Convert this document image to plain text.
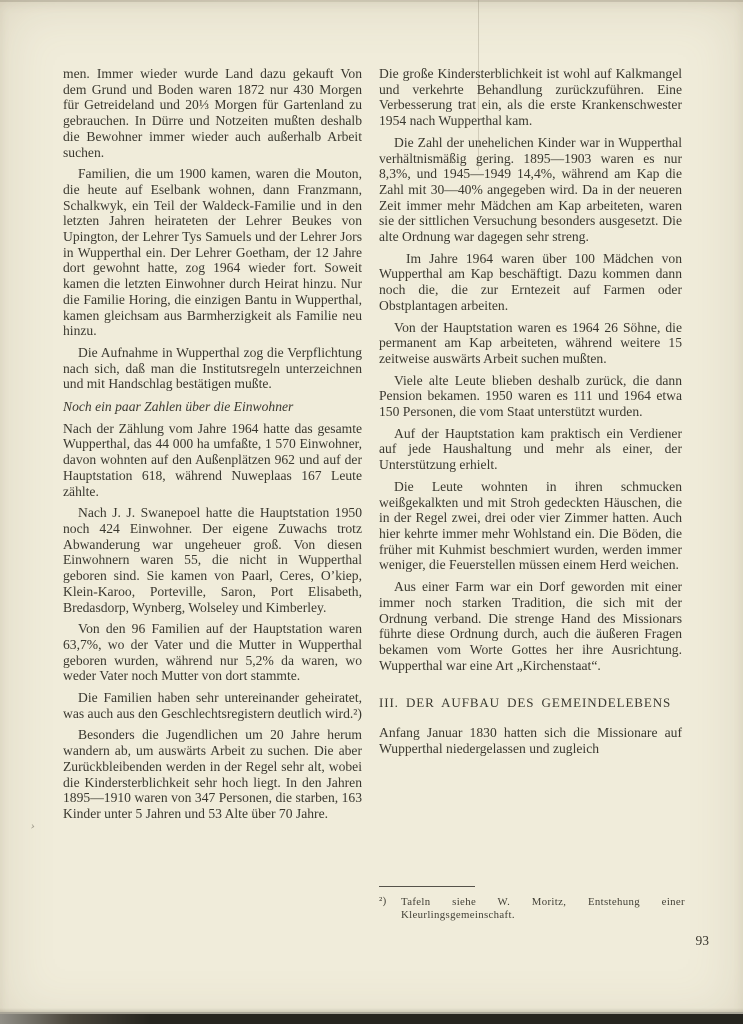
men. Immer wieder wurde Land dazu gekauft Von dem Grund und Boden waren 1872 nur 430 Morgen für Getreideland und 20⅓ Morgen für Gartenland zu gebrauchen. In Dürre und Notzeiten mußten deshalb die Bewohner immer wieder auch außerhalb Arbeit suchen.

Familien, die um 1900 kamen, waren die Mouton, die heute auf Eselbank wohnen, dann Franzmann, Schalkwyk, ein Teil der Waldeck-Familie und in den letzten Jahren heirateten der Lehrer Beukes von Upington, der Lehrer Tys Samuels und der Lehrer Jors in Wupperthal ein. Der Lehrer Goetham, der 12 Jahre dort gewohnt hatte, zog 1964 wieder fort. Soweit kamen die letzten Einwohner durch Heirat hinzu. Nur die Familie Horing, die einzigen Bantu in Wupperthal, kamen gleichsam aus Barmherzigkeit als Familie neu hinzu.

Die Aufnahme in Wupperthal zog die Verpflichtung nach sich, daß man die Institutsregeln unterzeichnen und mit Handschlag bestätigen mußte.

Noch ein paar Zahlen über die Einwohner

Nach der Zählung vom Jahre 1964 hatte das gesamte Wupperthal, das 44 000 ha umfaßte, 1 570 Einwohner, davon wohnten auf den Außenplätzen 962 und auf der Hauptstation 618, während Nuweplaas 167 Leute zählte.

Nach J. J. Swanepoel hatte die Hauptstation 1950 noch 424 Einwohner. Der eigene Zuwachs trotz Abwanderung war ungeheuer groß. Von diesen Einwohnern waren 55, die nicht in Wupperthal geboren sind. Sie kamen von Paarl, Ceres, O’kiep, Klein-Karoo, Porteville, Saron, Port Elisabeth, Bredasdorp, Wynberg, Wolseley und Kimberley.

Von den 96 Familien auf der Hauptstation waren 63,7%, wo der Vater und die Mutter in Wupperthal geboren wurden, während nur 5,2% da waren, wo weder Vater noch Mutter von dort stammte.

Die Familien haben sehr untereinander geheiratet, was auch aus den Geschlechtsregistern deutlich wird.²)

Besonders die Jugendlichen um 20 Jahre herum wandern ab, um auswärts Arbeit zu suchen. Die aber Zurückbleibenden werden in der Regel sehr alt, wobei die Kindersterblichkeit sehr hoch liegt. In den Jahren 1895—1910 waren von 347 Personen, die starben, 163 Kinder unter 5 Jahren und 53 Alte über 70 Jahre.

Die große Kindersterblichkeit ist wohl auf Kalkmangel und verkehrte Behandlung zurückzuführen. Eine Verbesserung trat ein, als die erste Krankenschwester 1954 nach Wupperthal kam.

Die Zahl der unehelichen Kinder war in Wupperthal verhältnismäßig gering. 1895—1903 waren es nur 8,3%, und 1945—1949 14,4%, während am Kap die Zahl mit 30—40% angegeben wird. Da in der neueren Zeit immer mehr Mädchen am Kap arbeiteten, waren sie der sittlichen Versuchung besonders ausgesetzt. Die alte Ordnung war dagegen sehr streng.

Im Jahre 1964 waren über 100 Mädchen von Wupperthal am Kap beschäftigt. Dazu kommen dann noch die, die zur Erntezeit auf Farmen oder Obstplantagen arbeiten.

Von der Hauptstation waren es 1964 26 Söhne, die permanent am Kap arbeiteten, während weitere 15 zeitweise auswärts Arbeit suchen mußten.

Viele alte Leute blieben deshalb zurück, die dann Pension bekamen. 1950 waren es 111 und 1964 etwa 150 Personen, die vom Staat unterstützt wurden.

Auf der Hauptstation kam praktisch ein Verdiener auf jede Haushaltung und mehr als einer, der Unterstützung erhielt.

Die Leute wohnten in ihren schmucken weißgekalkten und mit Stroh gedeckten Häuschen, die in der Regel zwei, drei oder vier Zimmer hatten. Auch hier kehrte immer mehr Wohlstand ein. Die Böden, die früher mit Kuhmist beschmiert wurden, werden immer weniger, die Feuerstellen müssen einem Herd weichen.

Aus einer Farm war ein Dorf geworden mit einer immer noch starken Tradition, die sich mit der Ordnung verband. Die strenge Hand des Missionars führte diese Ordnung durch, auch die äußeren Fragen bekamen vom Worte Gottes her ihre Ausrichtung. Wupperthal war eine Art „Kirchenstaat“.

III. DER AUFBAU DES GEMEINDELEBENS

Anfang Januar 1830 hatten sich die Missionare auf Wupperthal niedergelassen und zugleich

²) Tafeln siehe W. Moritz, Entstehung einer Kleurlingsgemeinschaft.

93
›
